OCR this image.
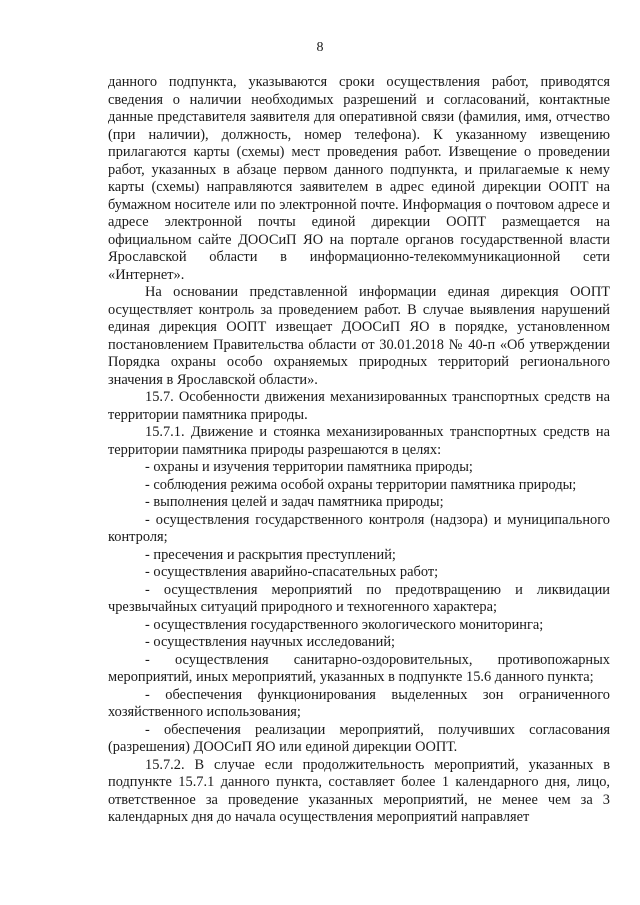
8

данного подпункта, указываются сроки осуществления работ, приводятся сведения о наличии необходимых разрешений и согласований, контактные данные представителя заявителя для оперативной связи (фамилия, имя, отчество (при наличии), должность, номер телефона). К указанному извещению прилагаются карты (схемы) мест проведения работ. Извещение о проведении работ, указанных в абзаце первом данного подпункта, и прилагаемые к нему карты (схемы) направляются заявителем в адрес единой дирекции ООПТ на бумажном носителе или по электронной почте. Информация о почтовом адресе и адресе электронной почты единой дирекции ООПТ размещается на официальном сайте ДООСиП ЯО на портале органов государственной власти Ярославской области в информационно-телекоммуникационной сети «Интернет».

На основании представленной информации единая дирекция ООПТ осуществляет контроль за проведением работ. В случае выявления нарушений единая дирекция ООПТ извещает ДООСиП ЯО в порядке, установленном постановлением Правительства области от 30.01.2018 № 40-п «Об утверждении Порядка охраны особо охраняемых природных территорий регионального значения в Ярославской области».

15.7. Особенности движения механизированных транспортных средств на территории памятника природы.

15.7.1. Движение и стоянка механизированных транспортных средств на территории памятника природы разрешаются в целях:

- охраны и изучения территории памятника природы;

- соблюдения режима особой охраны территории памятника природы;

- выполнения целей и задач памятника природы;

- осуществления государственного контроля (надзора) и муниципального контроля;

- пресечения и раскрытия преступлений;

- осуществления аварийно-спасательных работ;

- осуществления мероприятий по предотвращению и ликвидации чрезвычайных ситуаций природного и техногенного характера;

- осуществления государственного экологического мониторинга;

- осуществления научных исследований;

- осуществления санитарно-оздоровительных, противопожарных мероприятий, иных мероприятий, указанных в подпункте 15.6 данного пункта;

- обеспечения функционирования выделенных зон ограниченного хозяйственного использования;

- обеспечения реализации мероприятий, получивших согласования (разрешения) ДООСиП ЯО или единой дирекции ООПТ.

15.7.2. В случае если продолжительность мероприятий, указанных в подпункте 15.7.1 данного пункта, составляет более 1 календарного дня, лицо, ответственное за проведение указанных мероприятий, не менее чем за 3 календарных дня до начала осуществления мероприятий направляет
